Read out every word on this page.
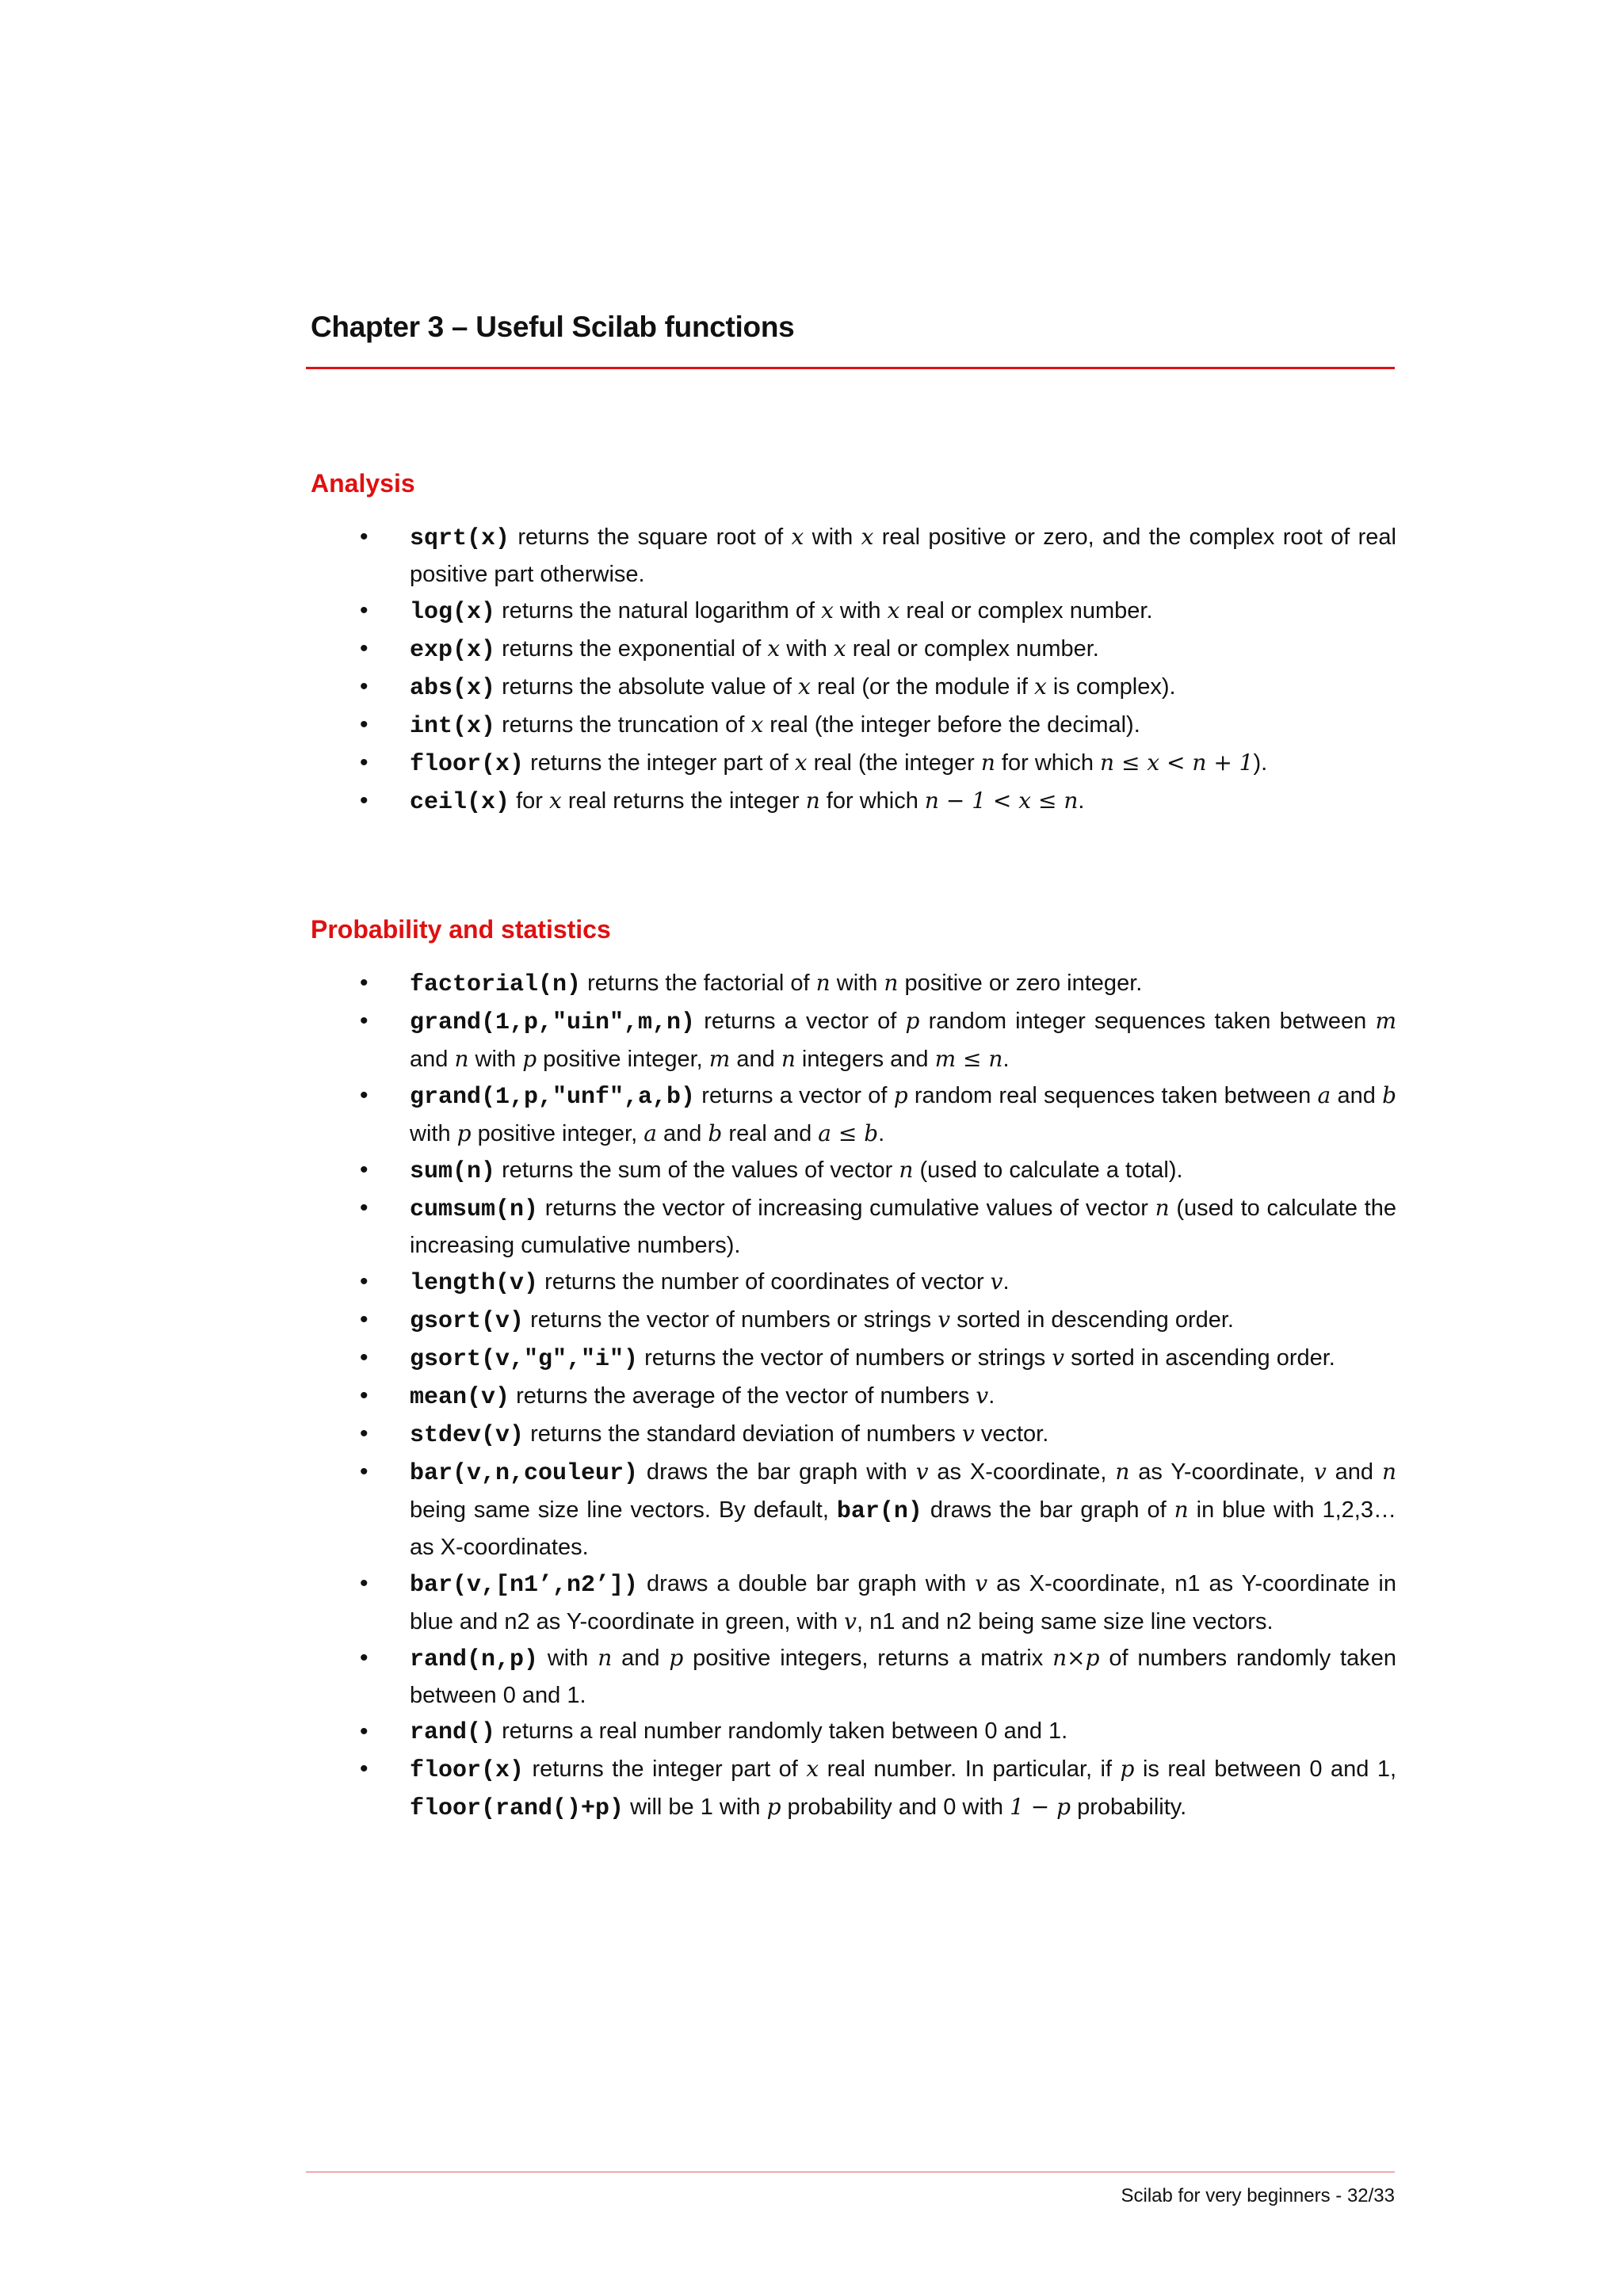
Chapter 3 – Useful Scilab functions
Analysis
• sqrt(x) returns the square root of x with x real positive or zero, and the complex root of real positive part otherwise.
• log(x) returns the natural logarithm of x with x real or complex number.
• exp(x) returns the exponential of x with x real or complex number.
• abs(x) returns the absolute value of x real (or the module if x is complex).
• int(x) returns the truncation of x real (the integer before the decimal).
• floor(x) returns the integer part of x real (the integer n for which n ≤ x < n + 1).
• ceil(x) for x real returns the integer n for which n − 1 < x ≤ n.
Probability and statistics
• factorial(n) returns the factorial of n with n positive or zero integer.
• grand(1,p,"uin",m,n) returns a vector of p random integer sequences taken between m and n with p positive integer, m and n integers and m ≤ n.
• grand(1,p,"unf",a,b) returns a vector of p random real sequences taken between a and b with p positive integer, a and b real and a ≤ b.
• sum(n) returns the sum of the values of vector n (used to calculate a total).
• cumsum(n) returns the vector of increasing cumulative values of vector n (used to calculate the increasing cumulative numbers).
• length(v) returns the number of coordinates of vector v.
• gsort(v) returns the vector of numbers or strings v sorted in descending order.
• gsort(v,"g","i") returns the vector of numbers or strings v sorted in ascending order.
• mean(v) returns the average of the vector of numbers v.
• stdev(v) returns the standard deviation of numbers v vector.
• bar(v,n,couleur) draws the bar graph with v as X-coordinate, n as Y-coordinate, v and n being same size line vectors. By default, bar(n) draws the bar graph of n in blue with 1,2,3… as X-coordinates.
• bar(v,[n1’,n2’]) draws a double bar graph with v as X-coordinate, n1 as Y-coordinate in blue and n2 as Y-coordinate in green, with v, n1 and n2 being same size line vectors.
• rand(n,p) with n and p positive integers, returns a matrix n×p of numbers randomly taken between 0 and 1.
• rand() returns a real number randomly taken between 0 and 1.
• floor(x) returns the integer part of x real number. In particular, if p is real between 0 and 1, floor(rand()+p) will be 1 with p probability and 0 with 1 − p probability.
Scilab for very beginners - 32/33
